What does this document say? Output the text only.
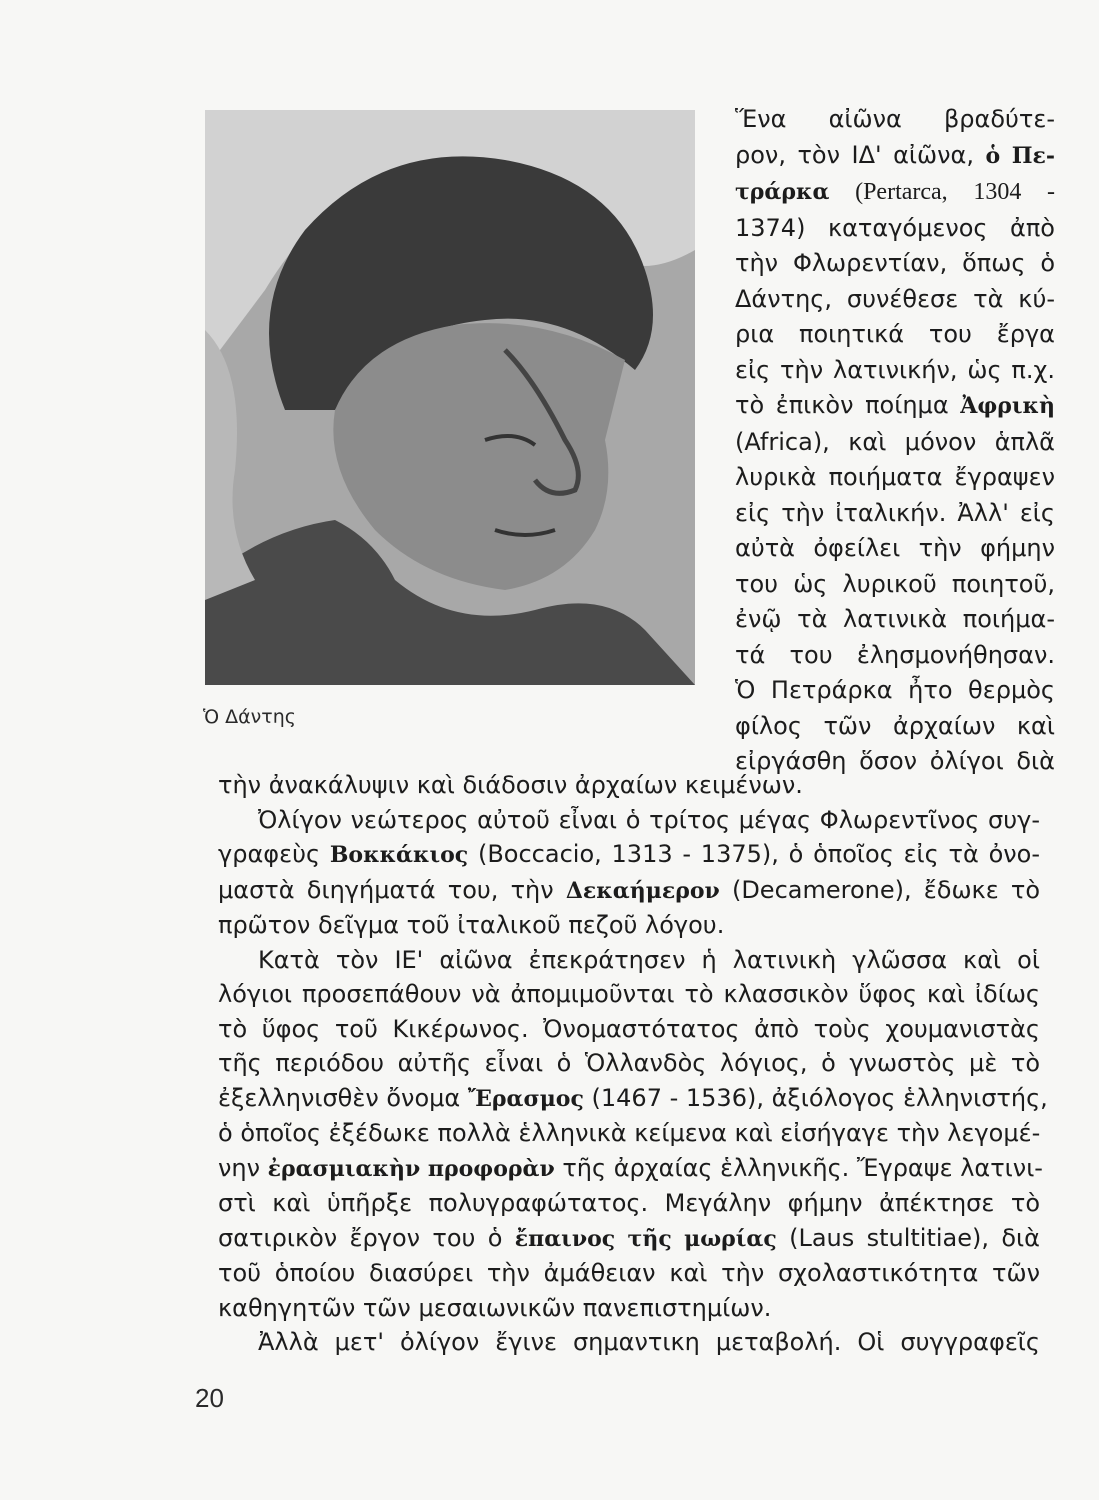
Ὁ Δάντης
Ἕνα αἰῶνα βραδύτε-
ρον, τὸν ΙΔ' αἰῶνα, ὁ Πε-
τράρκα (Pertarca, 1304 -
1374) καταγόμενος ἀπὸ
τὴν Φλωρεντίαν, ὅπως ὁ
Δάντης, συνέθεσε τὰ κύ-
ρια ποιητικά του ἔργα
εἰς τὴν λατινικήν, ὡς π.χ.
τὸ ἐπικὸν ποίημα Ἀφρικὴ
(Africa), καὶ μόνον ἁπλᾶ
λυρικὰ ποιήματα ἔγραψεν
εἰς τὴν ἰταλικήν. Ἀλλ' εἰς
αὐτὰ ὀφείλει τὴν φήμην
του ὡς λυρικοῦ ποιητοῦ,
ἐνῷ τὰ λατινικὰ ποιήμα-
τά του ἐλησμονήθησαν.
Ὁ Πετράρκα ἦτο θερμὸς
φίλος τῶν ἀρχαίων καὶ
εἰργάσθη ὅσον ὀλίγοι διὰ
τὴν ἀνακάλυψιν καὶ διάδοσιν ἀρχαίων κειμένων.
Ὀλίγον νεώτερος αὐτοῦ εἶναι ὁ τρίτος μέγας Φλωρεντῖνος συγ-
γραφεὺς Βοκκάκιος (Boccacio, 1313 - 1375), ὁ ὁποῖος εἰς τὰ ὀνο-
μαστὰ διηγήματά του, τὴν Δεκαήμερον (Decamerone), ἔδωκε τὸ
πρῶτον δεῖγμα τοῦ ἰταλικοῦ πεζοῦ λόγου.
Κατὰ τὸν ΙΕ' αἰῶνα ἐπεκράτησεν ἡ λατινικὴ γλῶσσα καὶ οἱ
λόγιοι προσεπάθουν νὰ ἀπομιμοῦνται τὸ κλασσικὸν ὕφος καὶ ἰδίως
τὸ ὕφος τοῦ Κικέρωνος. Ὀνομαστότατος ἀπὸ τοὺς χουμανιστὰς
τῆς περιόδου αὐτῆς εἶναι ὁ Ὁλλανδὸς λόγιος, ὁ γνωστὸς μὲ τὸ
ἐξελληνισθὲν ὄνομα Ἔρασμος (1467 - 1536), ἀξιόλογος ἑλληνιστής,
ὁ ὁποῖος ἐξέδωκε πολλὰ ἑλληνικὰ κείμενα καὶ εἰσήγαγε τὴν λεγομέ-
νην ἐρασμιακὴν προφορὰν τῆς ἀρχαίας ἑλληνικῆς. Ἔγραψε λατινι-
στὶ καὶ ὑπῆρξε πολυγραφώτατος. Μεγάλην φήμην ἀπέκτησε τὸ
σατιρικὸν ἔργον του ὁ ἔπαινος τῆς μωρίας (Laus stultitiae), διὰ
τοῦ ὁποίου διασύρει τὴν ἀμάθειαν καὶ τὴν σχολαστικότητα τῶν
καθηγητῶν τῶν μεσαιωνικῶν πανεπιστημίων.
Ἀλλὰ μετ' ὀλίγον ἔγινε σημαντικη μεταβολή. Οἱ συγγραφεῖς
20
